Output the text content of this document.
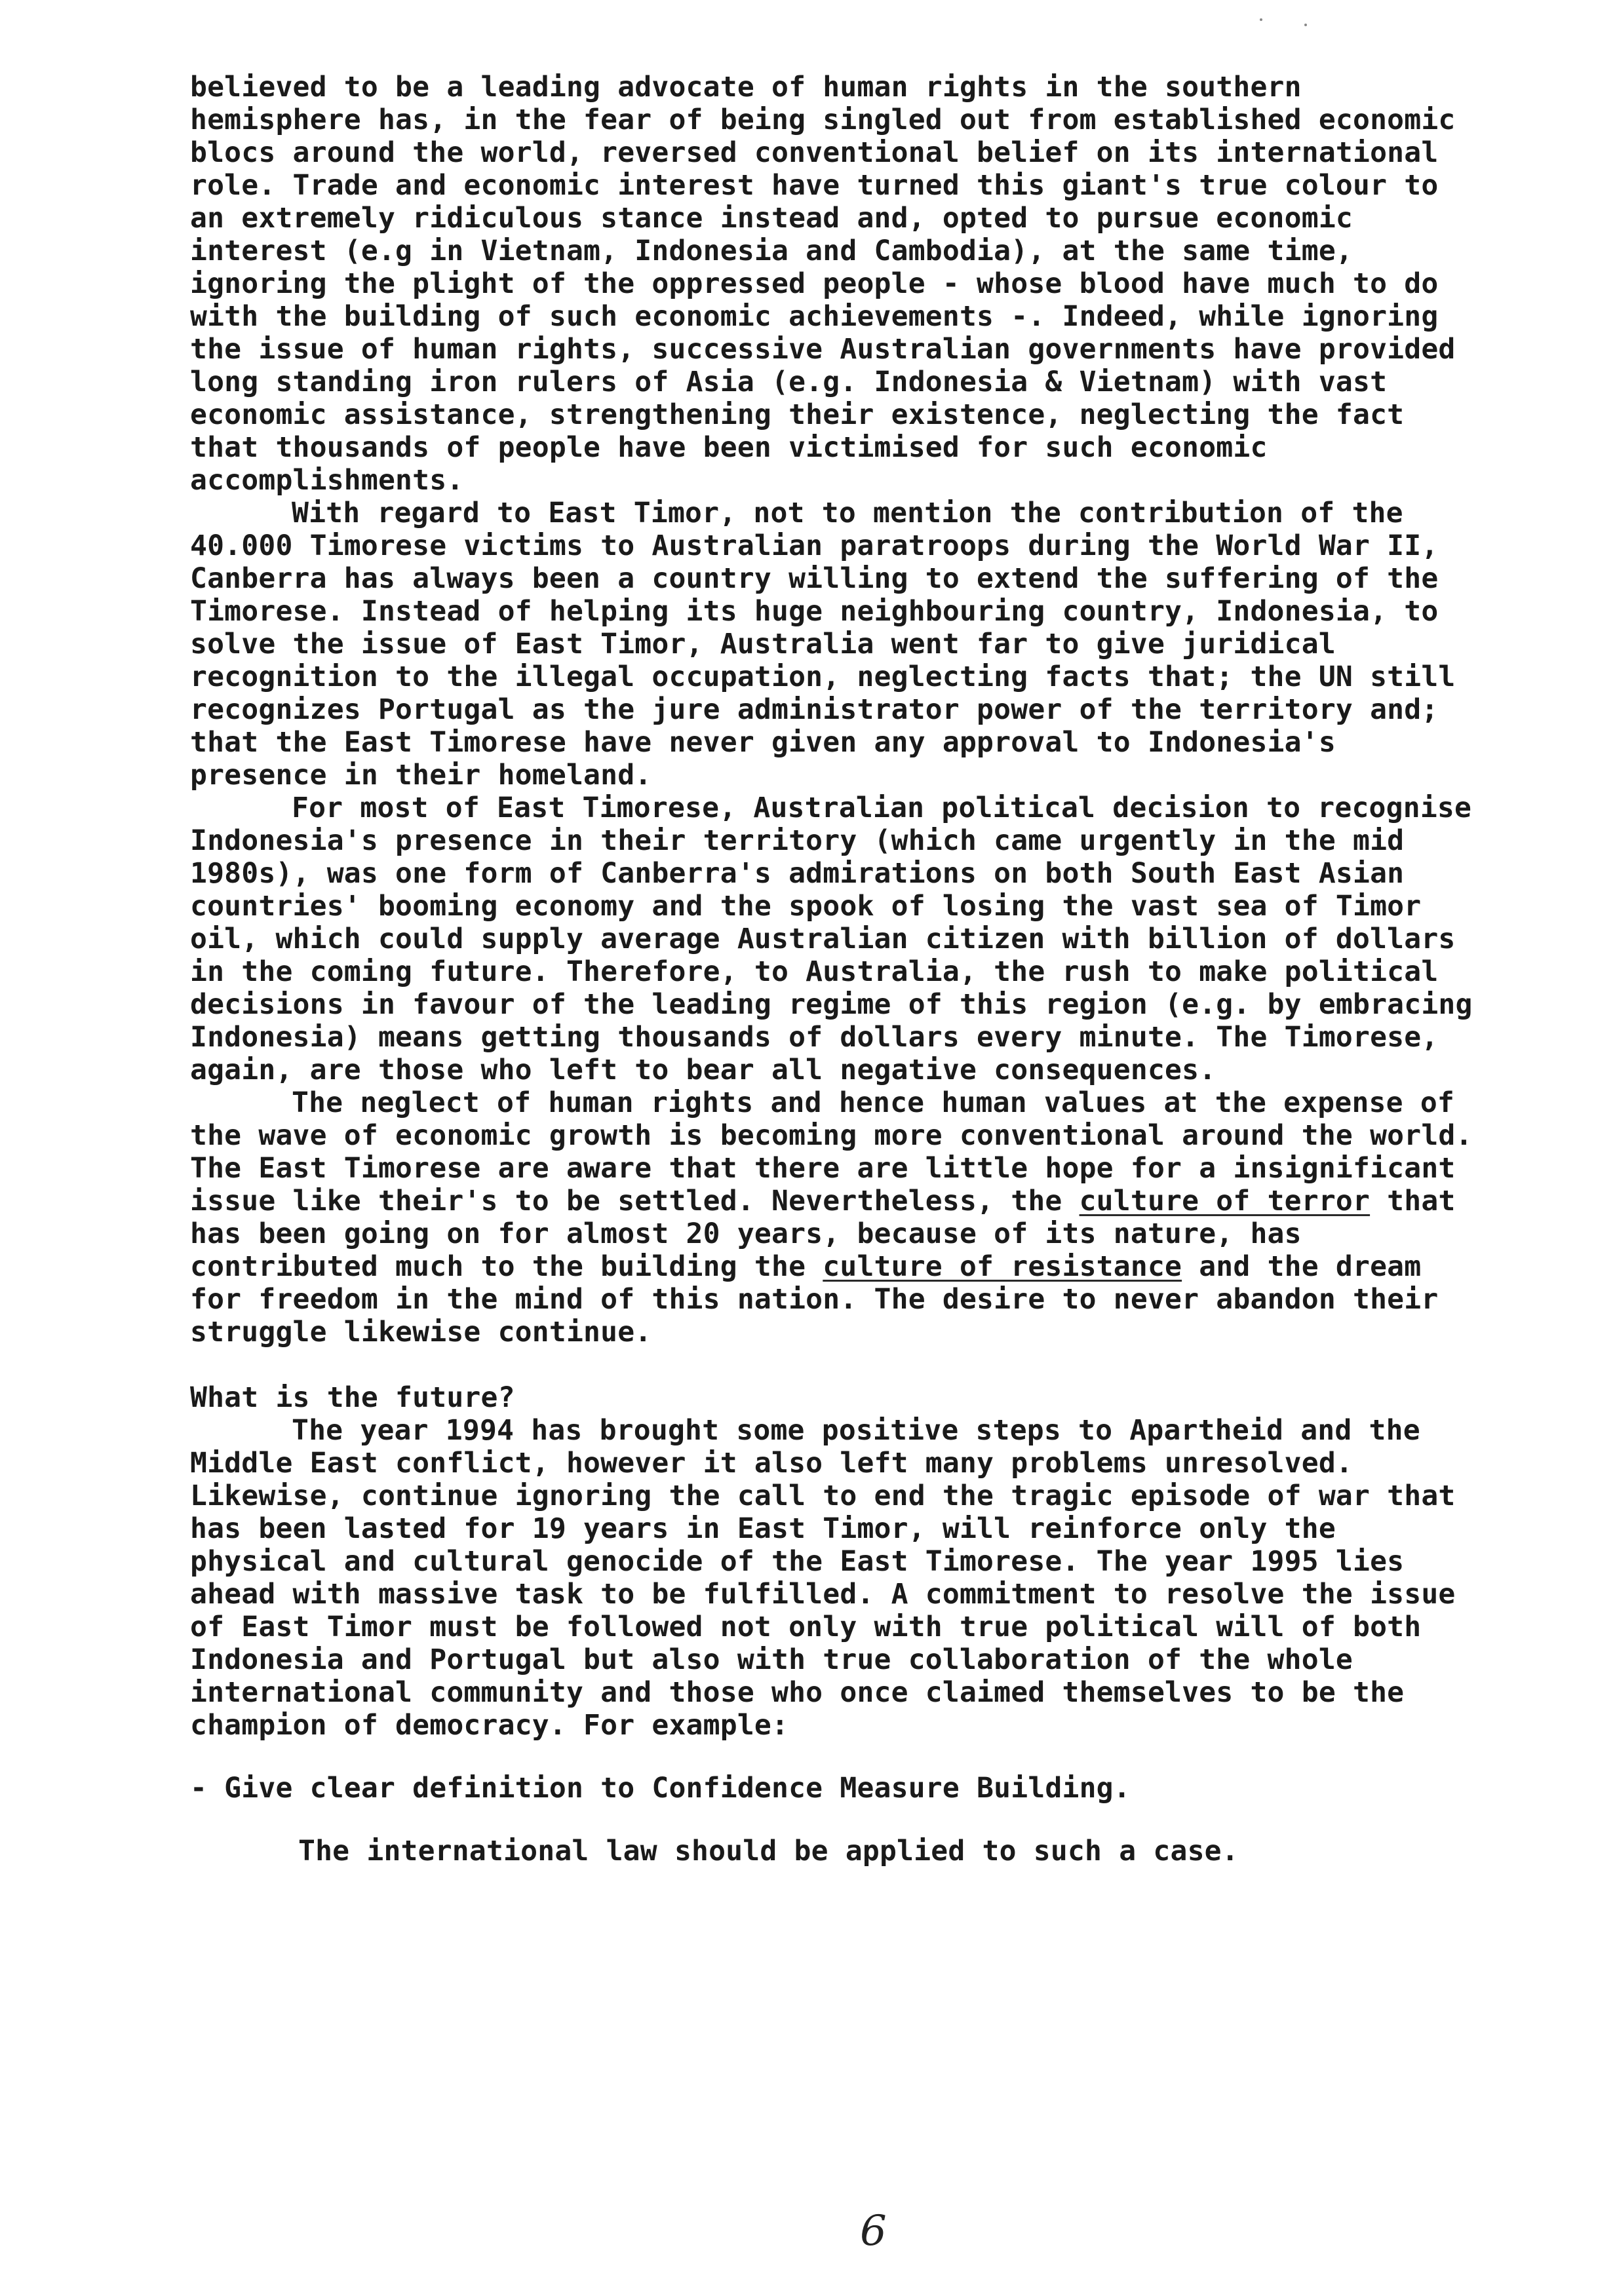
believed to be a leading advocate of human rights in the southern hemisphere has, in the fear of being singled out from established economic blocs around the world, reversed conventional belief on its international role. Trade and economic interest have turned this giant's true colour to an extremely ridiculous stance instead and, opted to pursue economic interest (e.g in Vietnam, Indonesia and Cambodia), at the same time, ignoring the plight of the oppressed people - whose blood have much to do with the building of such economic achievements -. Indeed, while ignoring the issue of human rights, successive Australian governments have provided long standing iron rulers of Asia (e.g. Indonesia & Vietnam) with vast economic assistance, strengthening their existence, neglecting the fact that thousands of people have been victimised for such economic accomplishments.

With regard to East Timor, not to mention the contribution of the 40.000 Timorese victims to Australian paratroops during the World War II, Canberra has always been a country willing to extend the suffering of the Timorese. Instead of helping its huge neighbouring country, Indonesia, to solve the issue of East Timor, Australia went far to give juridical recognition to the illegal occupation, neglecting facts that; the UN still recognizes Portugal as the jure administrator power of the territory and; that the East Timorese have never given any approval to Indonesia's presence in their homeland.

For most of East Timorese, Australian political decision to recognise Indonesia's presence in their territory (which came urgently in the mid 1980s), was one form of Canberra's admirations on both South East Asian countries' booming economy and the spook of losing the vast sea of Timor oil, which could supply average Australian citizen with billion of dollars in the coming future. Therefore, to Australia, the rush to make political decisions in favour of the leading regime of this region (e.g. by embracing Indonesia) means getting thousands of dollars every minute. The Timorese, again, are those who left to bear all negative consequences.

The neglect of human rights and hence human values at the expense of the wave of economic growth is becoming more conventional around the world. The East Timorese are aware that there are little hope for a insignificant issue like their's to be settled. Nevertheless, the culture of terror that has been going on for almost 20 years, because of its nature, has contributed much to the building the culture of resistance and the dream for freedom in the mind of this nation. The desire to never abandon their struggle likewise continue.

What is the future?

The year 1994 has brought some positive steps to Apartheid and the Middle East conflict, however it also left many problems unresolved. Likewise, continue ignoring the call to end the tragic episode of war that has been lasted for 19 years in East Timor, will reinforce only the physical and cultural genocide of the East Timorese. The year 1995 lies ahead with massive task to be fulfilled. A commitment to resolve the issue of East Timor must be followed not only with true political will of both Indonesia and Portugal but also with true collaboration of the whole international community and those who once claimed themselves to be the champion of democracy. For example:

- Give clear definition to Confidence Measure Building.

The international law should be applied to such a case.

6
